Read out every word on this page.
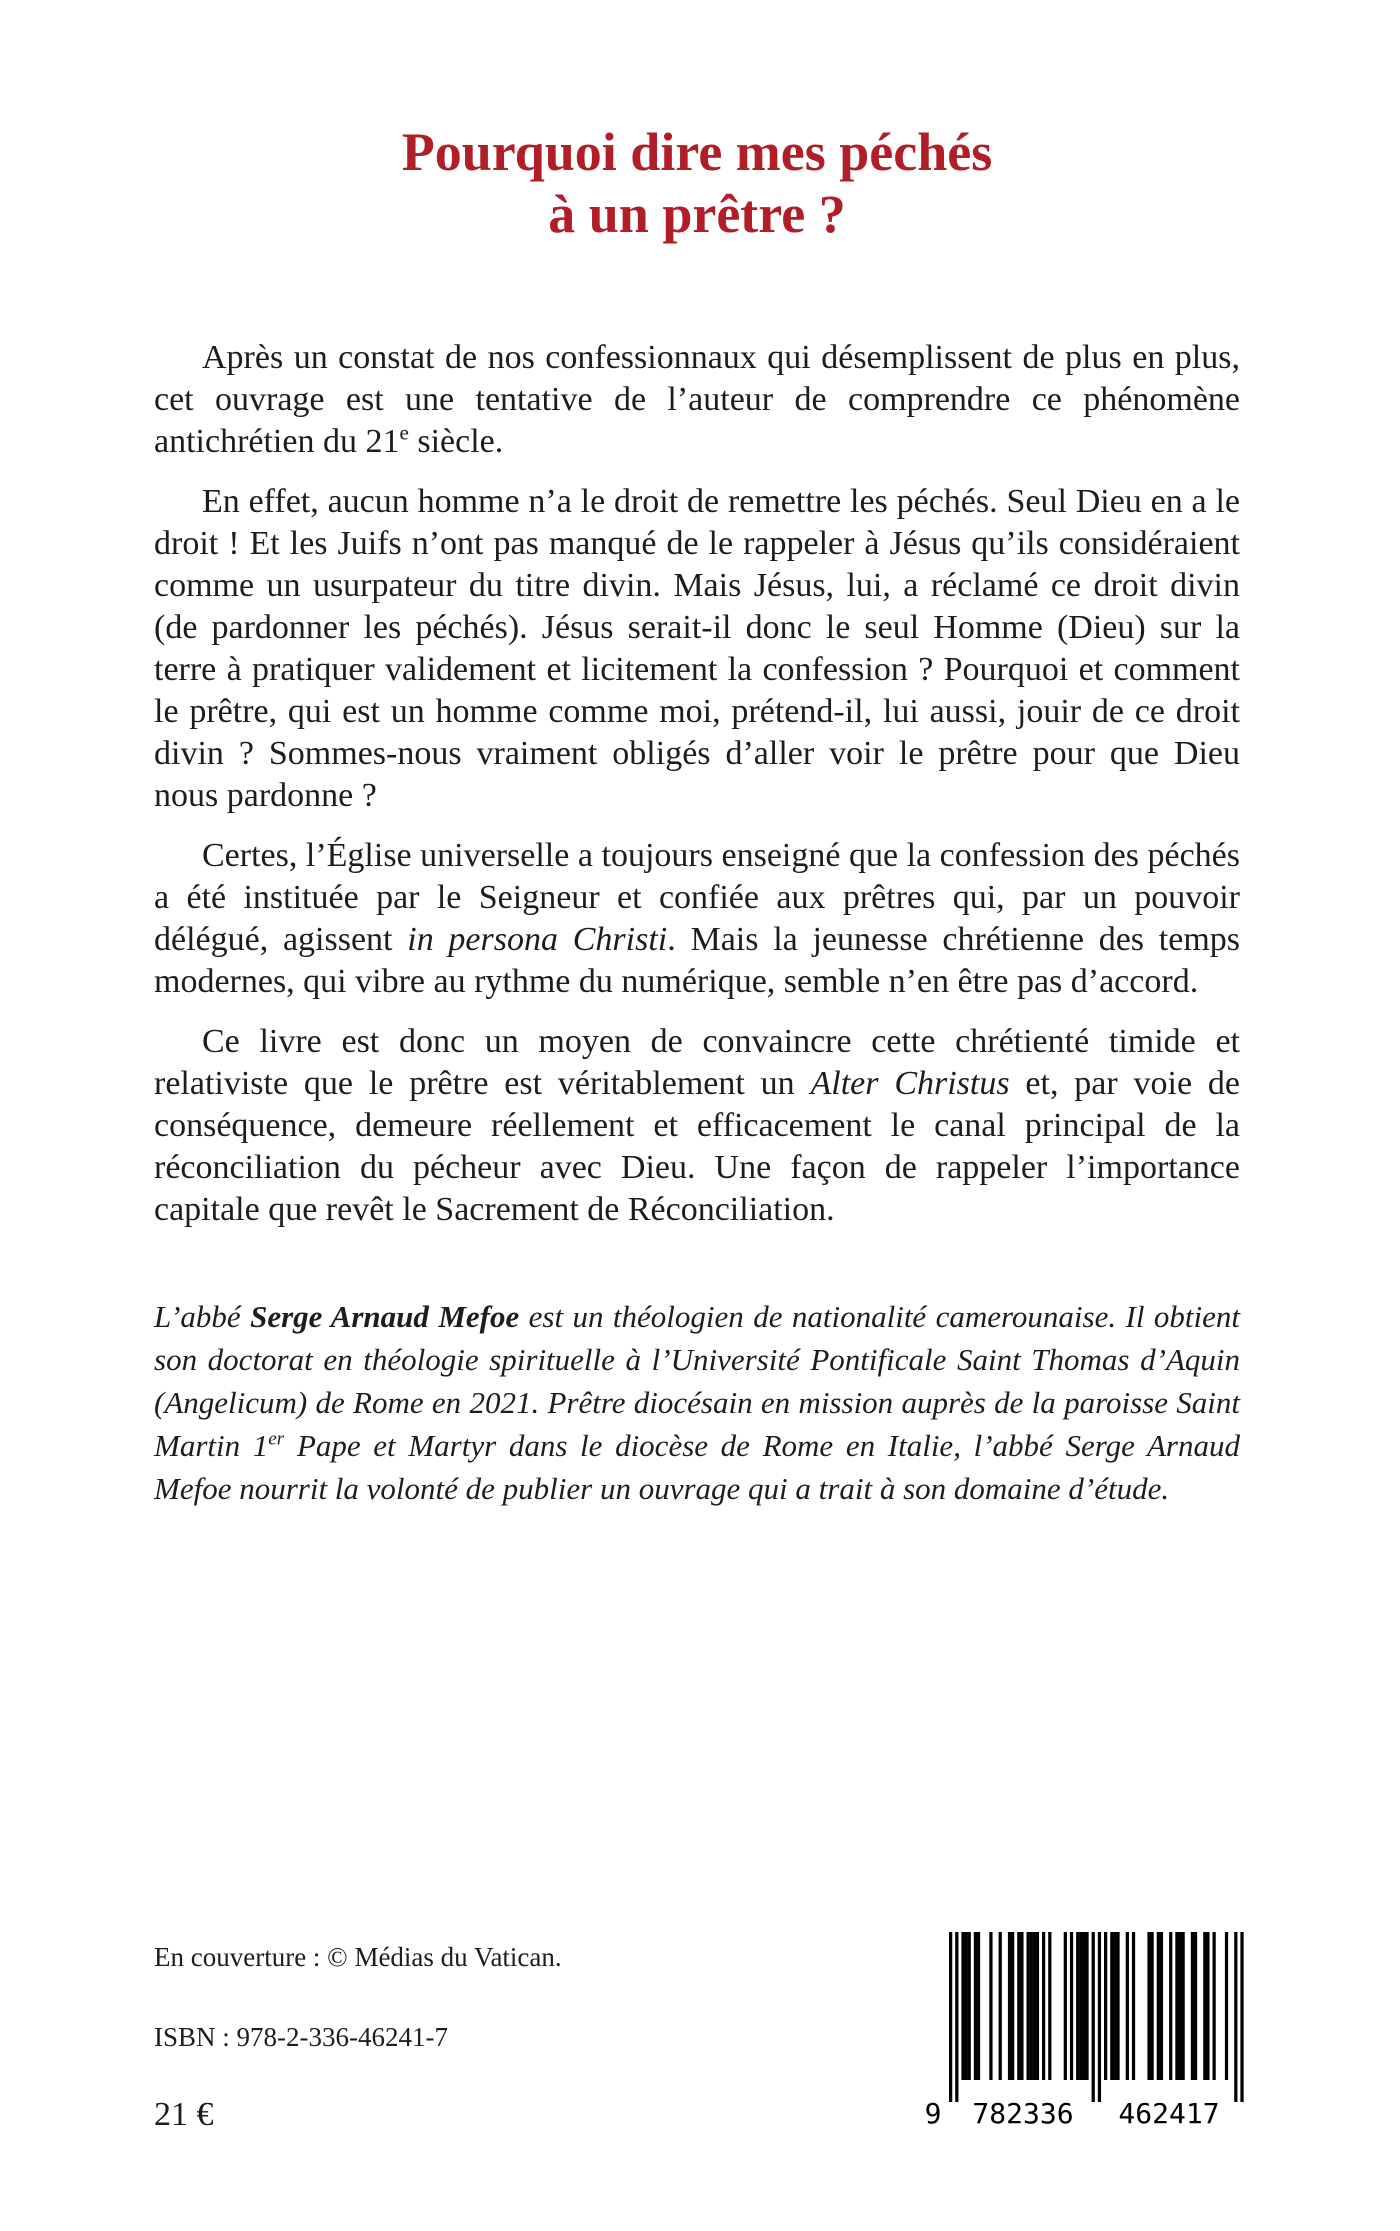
Pourquoi dire mes péchés
à un prêtre ?

Après un constat de nos confessionnaux qui désemplissent de plus en plus, cet ouvrage est une tentative de l’auteur de comprendre ce phénomène antichrétien du 21e siècle.

En effet, aucun homme n’a le droit de remettre les péchés. Seul Dieu en a le droit ! Et les Juifs n’ont pas manqué de le rappeler à Jésus qu’ils considéraient comme un usurpateur du titre divin. Mais Jésus, lui, a réclamé ce droit divin (de pardonner les péchés). Jésus serait-il donc le seul Homme (Dieu) sur la terre à pratiquer validement et licitement la confession ? Pourquoi et comment le prêtre, qui est un homme comme moi, prétend-il, lui aussi, jouir de ce droit divin ? Sommes-nous vraiment obligés d’aller voir le prêtre pour que Dieu nous pardonne ?

Certes, l’Église universelle a toujours enseigné que la confession des péchés a été instituée par le Seigneur et confiée aux prêtres qui, par un pouvoir délégué, agissent in persona Christi. Mais la jeunesse chrétienne des temps modernes, qui vibre au rythme du numérique, semble n’en être pas d’accord.

Ce livre est donc un moyen de convaincre cette chrétienté timide et relativiste que le prêtre est véritablement un Alter Christus et, par voie de conséquence, demeure réellement et efficacement le canal principal de la réconciliation du pécheur avec Dieu. Une façon de rappeler l’importance capitale que revêt le Sacrement de Réconciliation.

L’abbé Serge Arnaud Mefoe est un théologien de nationalité camerounaise. Il obtient son doctorat en théologie spirituelle à l’Université Pontificale Saint Thomas d’Aquin (Angelicum) de Rome en 2021. Prêtre diocésain en mission auprès de la paroisse Saint Martin 1er Pape et Martyr dans le diocèse de Rome en Italie, l’abbé Serge Arnaud Mefoe nourrit la volonté de publier un ouvrage qui a trait à son domaine d’étude.

En couverture : © Médias du Vatican.
ISBN : 978-2-336-46241-7
21 €	9	782336	462417
